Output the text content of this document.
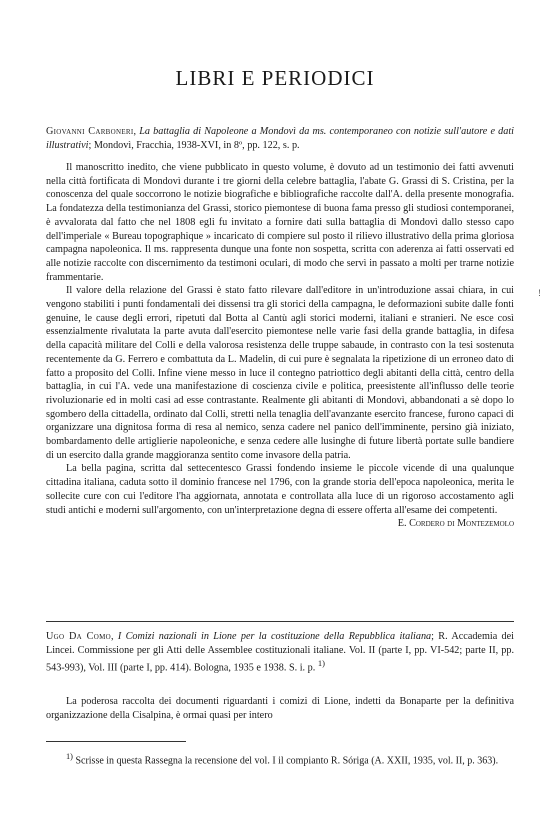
LIBRI E PERIODICI

Giovanni Carboneri, La battaglia di Napoleone a Mondovì da ms. contemporaneo con notizie sull'autore e dati illustrativi; Mondovì, Fracchia, 1938-XVI, in 8º, pp. 122, s. p.

Il manoscritto inedito, che viene pubblicato in questo volume, è dovuto ad un testimonio dei fatti avvenuti nella città fortificata di Mondovì durante i tre giorni della celebre battaglia, l'abate G. Grassi di S. Cristina, per la conoscenza del quale soccorrono le notizie biografiche e bibliografiche raccolte dall'A. della presente monografia. La fondatezza della testimonianza del Grassi, storico piemontese di buona fama presso gli studiosi contemporanei, è avvalorata dal fatto che nel 1808 egli fu invitato a fornire dati sulla battaglia di Mondovì dallo stesso capo dell'imperiale « Bureau topographique » incaricato di compiere sul posto il rilievo illustrativo della prima gloriosa campagna napoleonica. Il ms. rappresenta dunque una fonte non sospetta, scritta con aderenza ai fatti osservati ed alle notizie raccolte con discernimento da testimoni oculari, di modo che servì in passato a molti per trarne notizie frammentarie.

Il valore della relazione del Grassi è stato fatto rilevare dall'editore in un'introduzione assai chiara, in cui vengono stabiliti i punti fondamentali dei dissensi tra gli storici della campagna, le deformazioni subite dalle fonti genuine, le cause degli errori, ripetuti dal Botta al Cantù agli storici moderni, italiani e stranieri. Ne esce così essenzialmente rivalutata la parte avuta dall'esercito piemontese nelle varie fasi della grande battaglia, in difesa della capacità militare del Colli e della valorosa resistenza delle truppe sabaude, in contrasto con la tesi sostenuta recentemente da G. Ferrero e combattuta da L. Madelin, di cui pure è segnalata la ripetizione di un erroneo dato di fatto a proposito del Colli. Infine viene messo in luce il contegno patriottico degli abitanti della città, centro della battaglia, in cui l'A. vede una manifestazione di coscienza civile e politica, preesistente all'influsso delle teorie rivoluzionarie ed in molti casi ad esse contrastante. Realmente gli abitanti di Mondovì, abbandonati a sè dopo lo sgombero della cittadella, ordinato dal Colli, stretti nella tenaglia dell'avanzante esercito francese, furono capaci di organizzare una dignitosa forma di resa al nemico, senza cadere nel panico dell'imminente, persino già iniziato, bombardamento delle artiglierie napoleoniche, e senza cedere alle lusinghe di future libertà portate sulle bandiere di un esercito dalla grande maggioranza sentito come invasore della patria.

La bella pagina, scritta dal settecentesco Grassi fondendo insieme le piccole vicende di una qualunque cittadina italiana, caduta sotto il dominio francese nel 1796, con la grande storia dell'epoca napoleonica, merita le sollecite cure con cui l'editore l'ha aggiornata, annotata e controllata alla luce di un rigoroso accostamento agli studi antichi e moderni sull'argomento, con un'interpretazione degna di essere offerta all'esame dei competenti.

E. Cordero di Montezemolo
!

Ugo Da Como, I Comizi nazionali in Lione per la costituzione della Repubblica italiana; R. Accademia dei Lincei. Commissione per gli Atti delle Assemblee costituzionali italiane. Vol. II (parte I, pp. VI-542; parte II, pp. 543-993), Vol. III (parte I, pp. 414). Bologna, 1935 e 1938. S. i. p. $^{1)}$

La poderosa raccolta dei documenti riguardanti i comizi di Lione, indetti da Bonaparte per la definitiva organizzazione della Cisalpina, è ormai quasi per intero

$^{1)}$ Scrisse in questa Rassegna la recensione del vol. I il compianto R. Sóriga (A. XXII, 1935, vol. II, p. 363).
